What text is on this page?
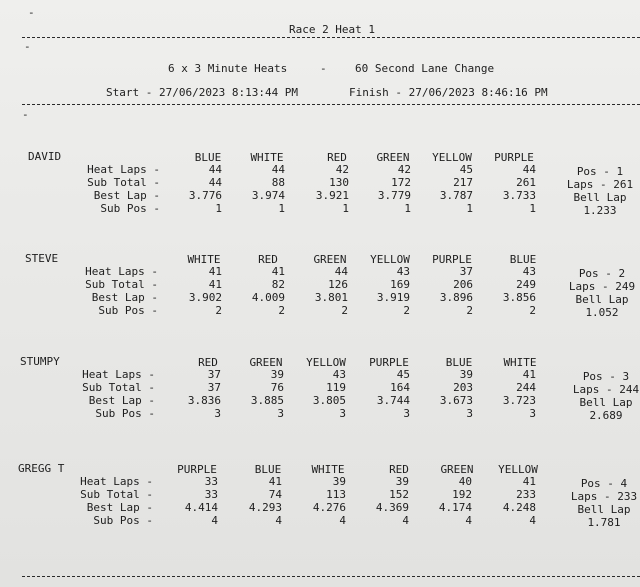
-
-
Race 2 Heat 1
6 x 3 Minute Heats	-	60 Second Lane Change
Start - 27/06/2023 8:13:44 PM	Finish - 27/06/2023 8:46:16 PM
-
DAVID	BLUE	WHITE	RED	GREEN	YELLOW	PURPLE
Heat Laps -	44	44	42	42	45	44
Sub Total -	44	88	130	172	217	261
Best Lap -	3.776	3.974	3.921	3.779	3.787	3.733
Sub Pos -	1	1	1	1	1	1
Pos - 1
Laps - 261
Bell Lap
1.233
STEVE	WHITE	RED	GREEN	YELLOW	PURPLE	BLUE
Heat Laps -	41	41	44	43	37	43
Sub Total -	41	82	126	169	206	249
Best Lap -	3.902	4.009	3.801	3.919	3.896	3.856
Sub Pos -	2	2	2	2	2	2
Pos - 2
Laps - 249
Bell Lap
1.052
STUMPY	RED	GREEN	YELLOW	PURPLE	BLUE	WHITE
Heat Laps -	37	39	43	45	39	41
Sub Total -	37	76	119	164	203	244
Best Lap -	3.836	3.885	3.805	3.744	3.673	3.723
Sub Pos -	3	3	3	3	3	3
Pos - 3
Laps - 244
Bell Lap
2.689
GREGG T	PURPLE	BLUE	WHITE	RED	GREEN	YELLOW
Heat Laps -	33	41	39	39	40	41
Sub Total -	33	74	113	152	192	233
Best Lap -	4.414	4.293	4.276	4.369	4.174	4.248
Sub Pos -	4	4	4	4	4	4
Pos - 4
Laps - 233
Bell Lap
1.781
